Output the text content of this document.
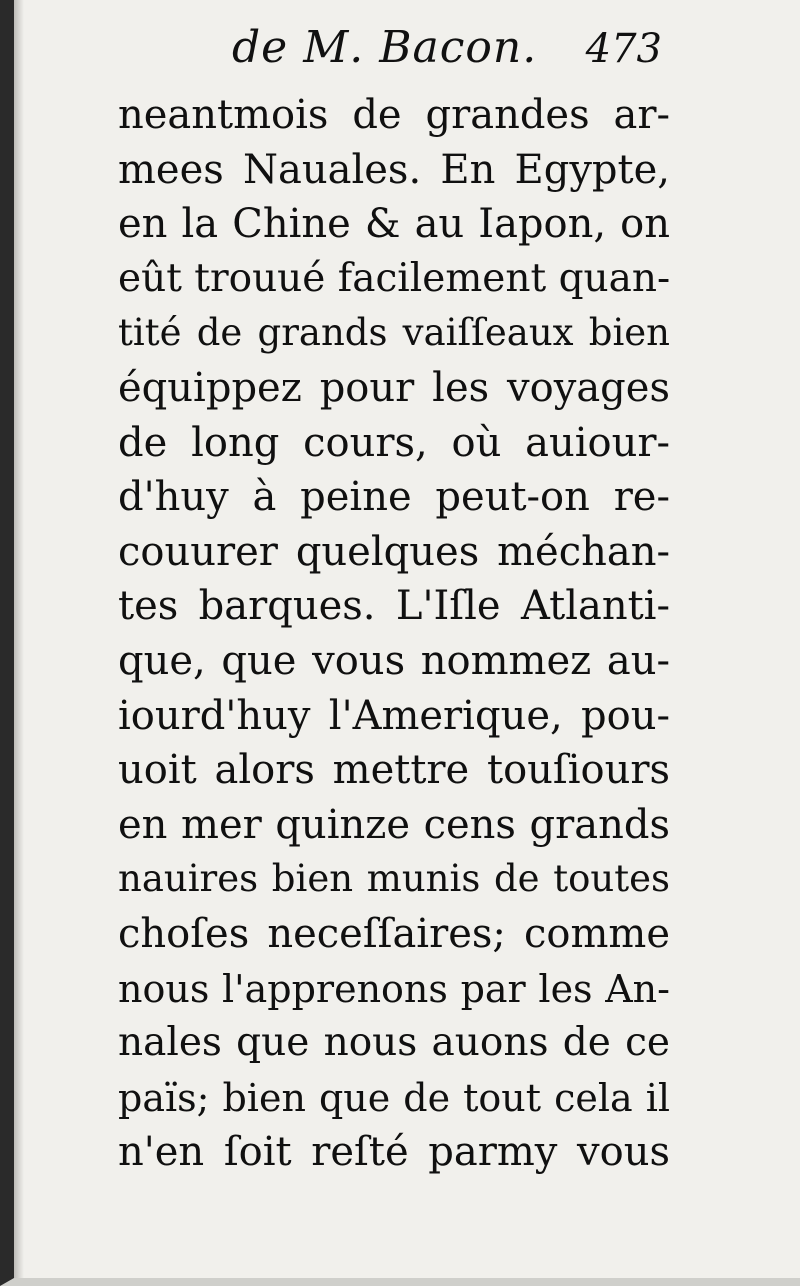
de M. Bacon. 473
neantmois de grandes ar-
mees Nauales. En Egypte,
en la Chine & au Iapon, on
eût trouué facilement quan-
tité de grands vaiſſeaux bien
équippez pour les voyages
de long cours, où auiour-
d'huy à peine peut-on re-
couurer quelques méchan-
tes barques. L'Iſle Atlanti-
que, que vous nommez au-
iourd'huy l'Amerique, pou-
uoit alors mettre touſiours
en mer quinze cens grands
nauires bien munis de toutes
choſes neceſſaires; comme
nous l'apprenons par les An-
nales que nous auons de ce
païs; bien que de tout cela il
n'en ſoit reſté parmy vous
